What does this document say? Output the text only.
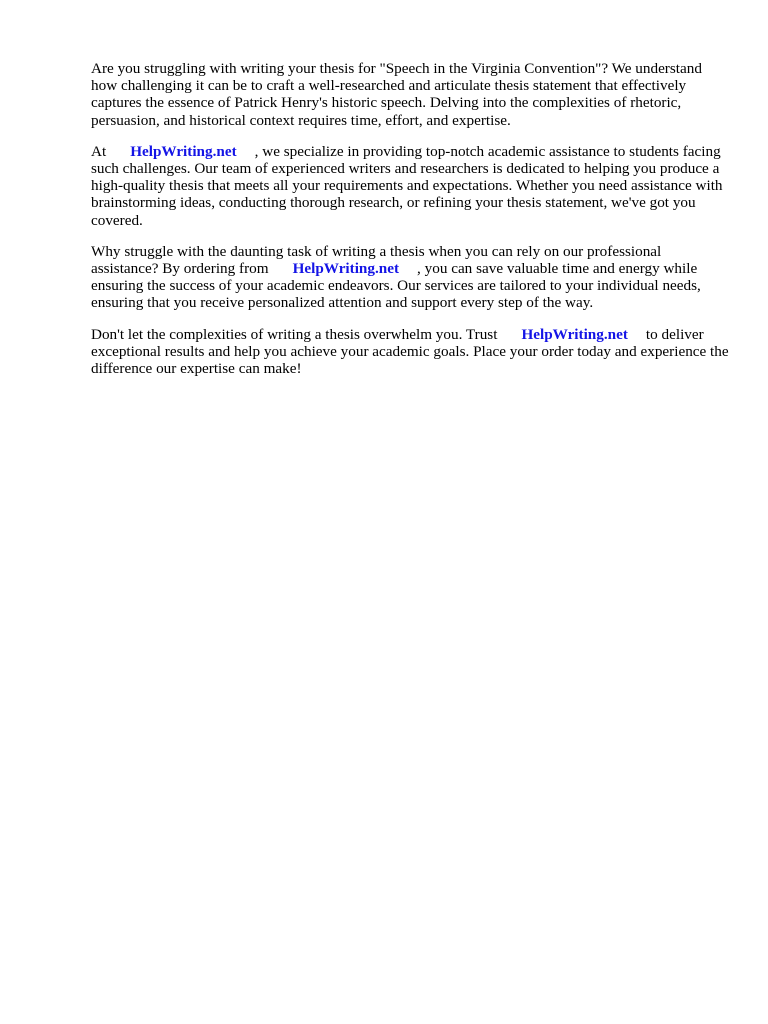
Are you struggling with writing your thesis for "Speech in the Virginia Convention"? We understand how challenging it can be to craft a well-researched and articulate thesis statement that effectively captures the essence of Patrick Henry's historic speech. Delving into the complexities of rhetoric, persuasion, and historical context requires time, effort, and expertise.

At HelpWriting.net , we specialize in providing top-notch academic assistance to students facing such challenges. Our team of experienced writers and researchers is dedicated to helping you produce a high-quality thesis that meets all your requirements and expectations. Whether you need assistance with brainstorming ideas, conducting thorough research, or refining your thesis statement, we've got you covered.

Why struggle with the daunting task of writing a thesis when you can rely on our professional assistance? By ordering from HelpWriting.net , you can save valuable time and energy while ensuring the success of your academic endeavors. Our services are tailored to your individual needs, ensuring that you receive personalized attention and support every step of the way.

Don't let the complexities of writing a thesis overwhelm you. Trust HelpWriting.net to deliver exceptional results and help you achieve your academic goals. Place your order today and experience the difference our expertise can make!
